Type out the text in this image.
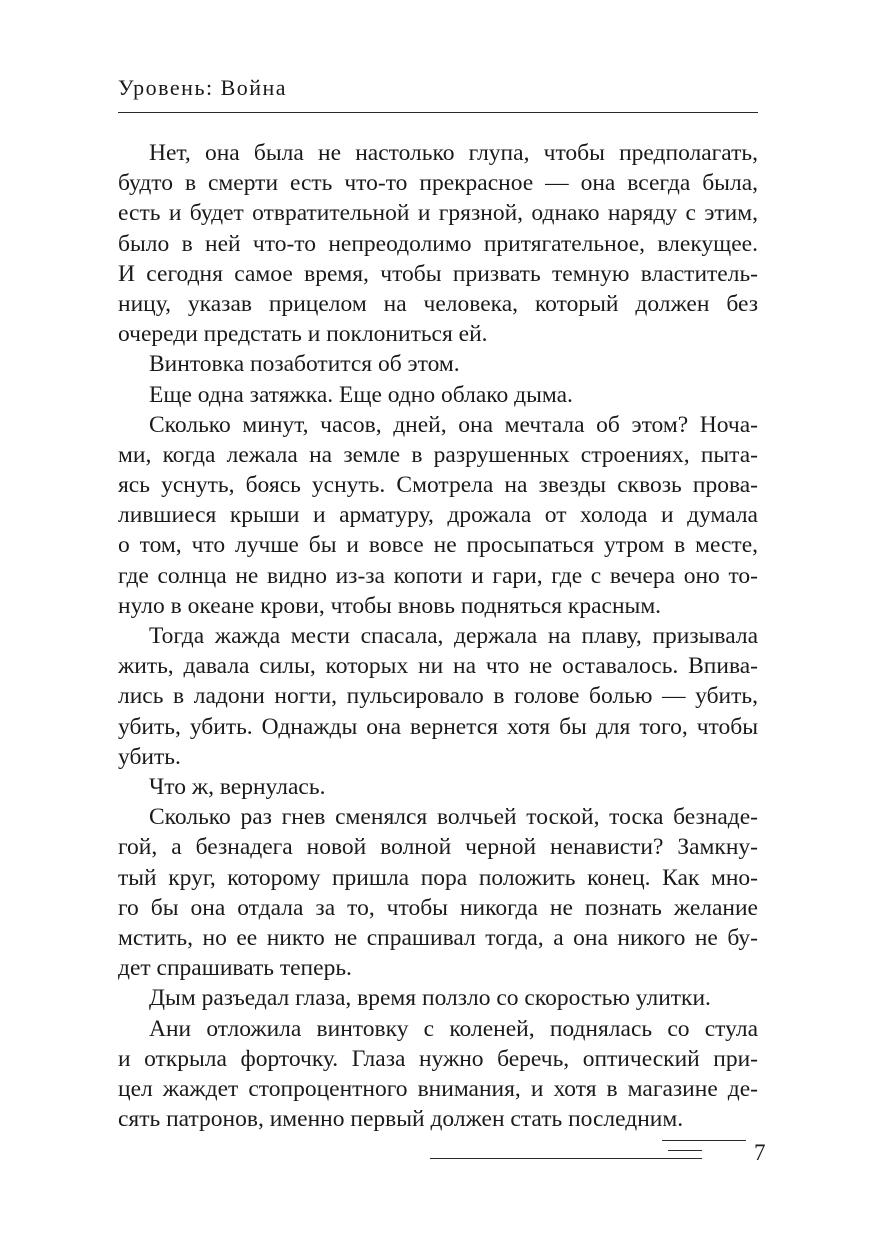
Уровень: Война
Нет, она была не настолько глупа, чтобы предполагать,
будто в смерти есть что-то прекрасное — она всегда была,
есть и будет отвратительной и грязной, однако наряду с этим,
было в ней что-то непреодолимо притягательное, влекущее.
И сегодня самое время, чтобы призвать темную властитель-
ницу, указав прицелом на человека, который должен без
очереди предстать и поклониться ей.
Винтовка позаботится об этом.
Еще одна затяжка. Еще одно облако дыма.
Сколько минут, часов, дней, она мечтала об этом? Ноча-
ми, когда лежала на земле в разрушенных строениях, пыта-
ясь уснуть, боясь уснуть. Смотрела на звезды сквозь прова-
лившиеся крыши и арматуру, дрожала от холода и думала
о том, что лучше бы и вовсе не просыпаться утром в месте,
где солнца не видно из-за копоти и гари, где с вечера оно то-
нуло в океане крови, чтобы вновь подняться красным.
Тогда жажда мести спасала, держала на плаву, призывала
жить, давала силы, которых ни на что не оставалось. Впива-
лись в ладони ногти, пульсировало в голове болью — убить,
убить, убить. Однажды она вернется хотя бы для того, чтобы
убить.
Что ж, вернулась.
Сколько раз гнев сменялся волчьей тоской, тоска безнаде-
гой, а безнадега новой волной черной ненависти? Замкну-
тый круг, которому пришла пора положить конец. Как мно-
го бы она отдала за то, чтобы никогда не познать желание
мстить, но ее никто не спрашивал тогда, а она никого не бу-
дет спрашивать теперь.
Дым разъедал глаза, время ползло со скоростью улитки.
Ани отложила винтовку с коленей, поднялась со стула
и открыла форточку. Глаза нужно беречь, оптический при-
цел жаждет стопроцентного внимания, и хотя в магазине де-
сять патронов, именно первый должен стать последним.
7
